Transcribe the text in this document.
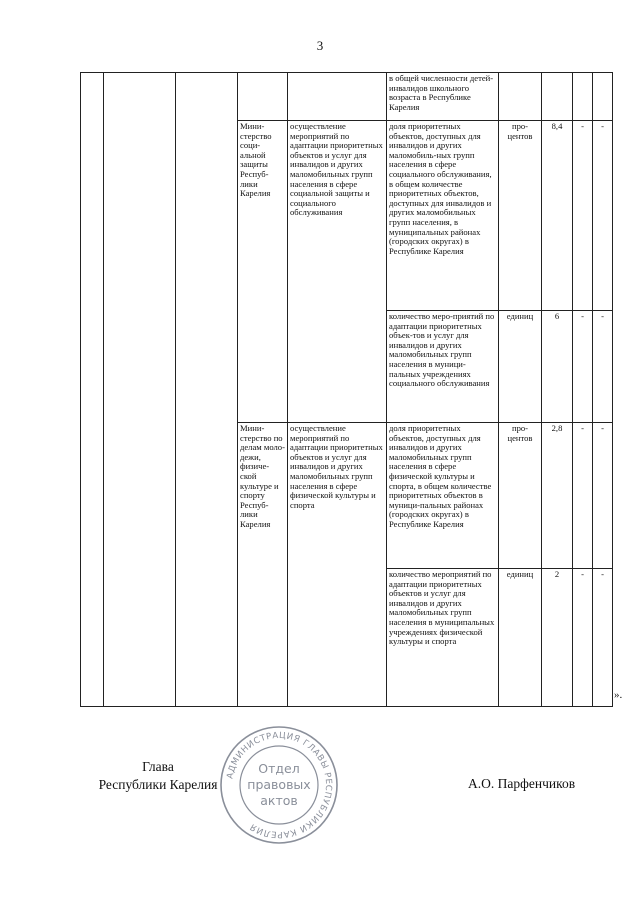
3
					в общей численности детей-инвалидов школьного возраста в Республике Карелия				
			Мини-стерство соци-альной защиты Респуб-лики Карелия	осуществление мероприятий по адаптации приоритетных объектов и услуг для инвалидов и других маломобильных групп населения в сфере социальной защиты и социального обслуживания	доля приоритетных объектов, доступных для инвалидов и других маломобиль-ных групп населения в сфере социального обслуживания, в общем количестве приоритетных объектов, доступных для инвалидов и других маломобильных групп населения, в муниципальных районах (городских округах) в Республике Карелия	про-центов	8,4	-	-
					количество меро-приятий по адаптации приоритетных объек-тов и услуг для инвалидов и других маломобильных групп населения в муници-пальных учреждениях социального обслуживания	единиц	6	-	-
			Мини-стерство по делам моло-дежи, физиче-ской культуре и спорту Респуб-лики Карелия	осуществление мероприятий по адаптации приоритетных объектов и услуг для инвалидов и других маломобильных групп населения в сфере физической культуры и спорта	доля приоритетных объектов, доступных для инвалидов и других маломобильных групп населения в сфере физической культуры и спорта, в общем количестве приоритетных объектов в муници-пальных районах (городских округах) в Республике Карелия	про-центов	2,8	-	-
					количество мероприятий по адаптации приоритетных объектов и услуг для инвалидов и других маломобильных групп населения в муниципальных учреждениях физической культуры и спорта	единиц	2	-	-
».
Глава
Республики Карелия	А.О. Парфенчиков
АДМИНИСТРАЦИЯ ГЛАВЫ РЕСПУБЛИКИ КАРЕЛИЯ
Отдел
правовых
актов
